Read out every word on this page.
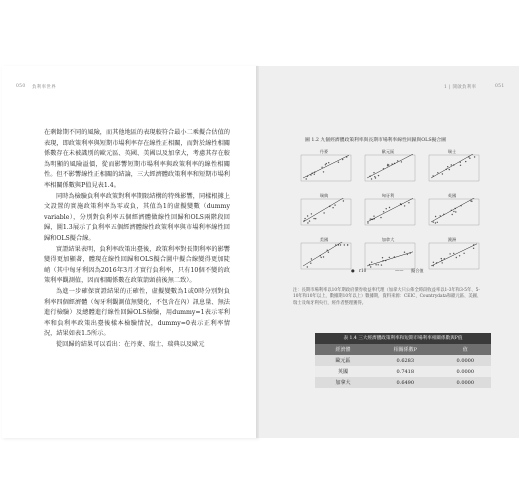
050 負利率世界

在剩餘期不同的風險，而其他地區的表現較符合最小二乘擬合估值的表現，即政策利率與短期市場利率存在線性正相關，而對於線性相關係數存在未被識別的歐元區、英國、美國以及加拿大，考慮其存在較為明顯的風險溢價，從而影響短期市場利率與政策利率的線性相關性。但不影響線性正相關的結論，三大經濟體政策利率和短期市場利率相關係數與P值見表1.4。

同時為檢驗負利率政策對利率期限結構的特殊影響，同樣根據上文設置的實施政策利率為零或負，其值為1的虛擬變數（dummy variable），分別對負利率五個經濟體做線性回歸和OLS兩階段回歸，圖1.3展示了負利率五個經濟體線性政策利率與市場利率線性回歸和OLS擬合線。

實證結果表明，負利率政策出臺後，政策利率對長期利率的影響變得更加顯著，體現在線性回歸和OLS擬合圖中擬合線變得更加陡峭（其中匈牙利因為2016年3月才實行負利率，只有10個不變的政策利率觀測值，因而相關係數在政策箭頭前後無二致）。

為進一步確保實證結果的正確性，虛擬變數為1或0時分別對負利率四個經濟體（匈牙利觀測值無變化，不包含在內）訊息量、無法進行檢驗）及總體進行線性回歸OLS檢驗，用dummy=1表示零利率和負利率政策出臺後樣本檢驗情況，dummy=0表示正利率情況，結果如表1.5所示。

從回歸的結果可以看出：在丹麥、瑞士、瑞典以及歐元

1 | 開啟負利率	051
圖 1.2 九個經濟體政策利率與長期市場利率線性回歸與OLS擬合圖
丹麥	歐元區	瑞士
瑞典	匈牙利	英國
美國	加拿大	澳洲
● r10	—— 擬合值
注：長期市場利率以10年期政府債券收益率代理（加拿大只公佈全時段收益率以1-3年和3-5年、5-10年和10年以上，數據期10年以上）數據期，資料來源：CEIC、Countrydata和歐元區、美國、瑞士及匈牙利央行，經作者整理獲得。
表 1.4 三大經濟體政策利率和短期市場利率相關係數與P值
經濟體	相關係數P	值
歐元區	0.6283	0.0000
英國	0.7418	0.0000
加拿大	0.6490	0.0000
